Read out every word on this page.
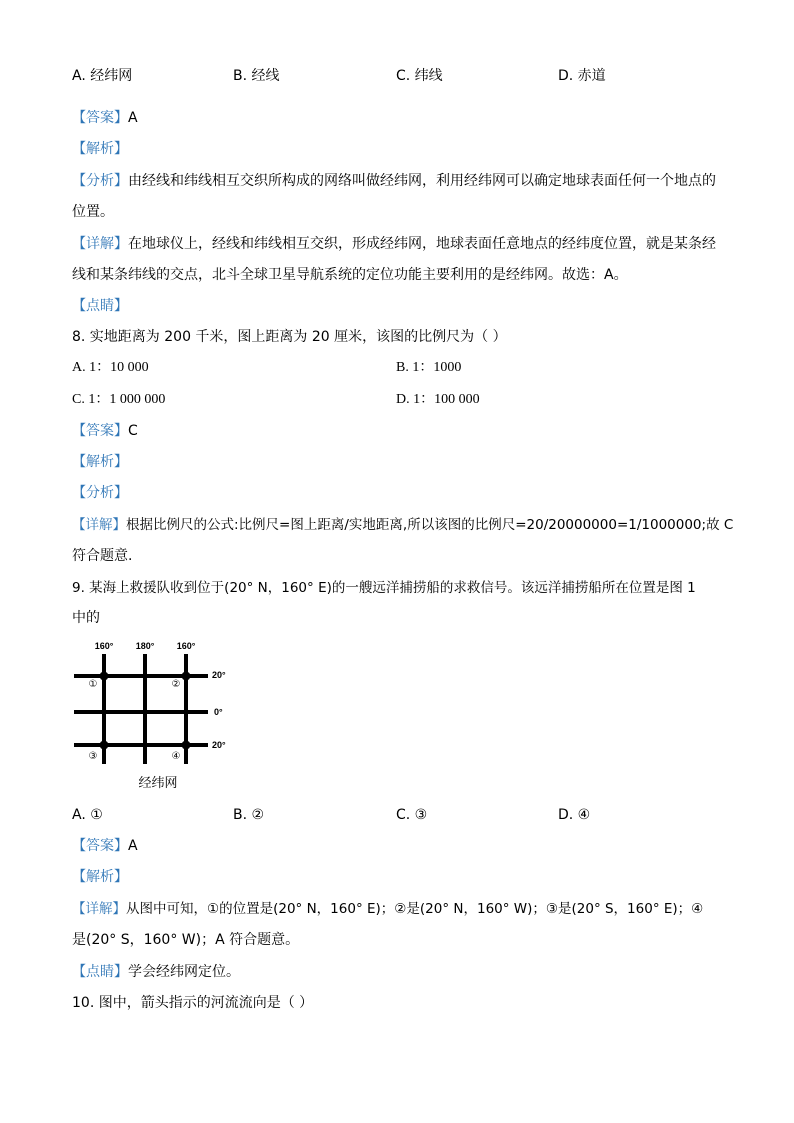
A. 经纬网	B. 经线	C. 纬线	D. 赤道
【答案】A
【解析】
【分析】由经线和纬线相互交织所构成的网络叫做经纬网，利用经纬网可以确定地球表面任何一个地点的
位置。
【详解】在地球仪上，经线和纬线相互交织，形成经纬网，地球表面任意地点的经纬度位置，就是某条经
线和某条纬线的交点，北斗全球卫星导航系统的定位功能主要利用的是经纬网。故选：A。
【点睛】
8. 实地距离为 200 千米，图上距离为 20 厘米，该图的比例尺为（ ）
A. 1：10 000	B. 1：1000
C. 1：1 000 000	D. 1：100 000
【答案】C
【解析】
【分析】
【详解】根据比例尺的公式:比例尺=图上距离/实地距离,所以该图的比例尺=20/20000000=1/1000000;故 C
符合题意.
9. 某海上救援队收到位于(20° N，160° E)的一艘远洋捕捞船的求救信号。该远洋捕捞船所在位置是图 1
中的
160° 180° 160°
20°
0°
20°
①	②
③	④
经纬网
A. ①	B. ②	C. ③	D. ④
【答案】A
【解析】
【详解】从图中可知，①的位置是(20° N，160° E)；②是(20° N，160° W)；③是(20° S，160° E)；④
是(20° S，160° W)；A 符合题意。
【点睛】学会经纬网定位。
10. 图中，箭头指示的河流流向是（ ）
